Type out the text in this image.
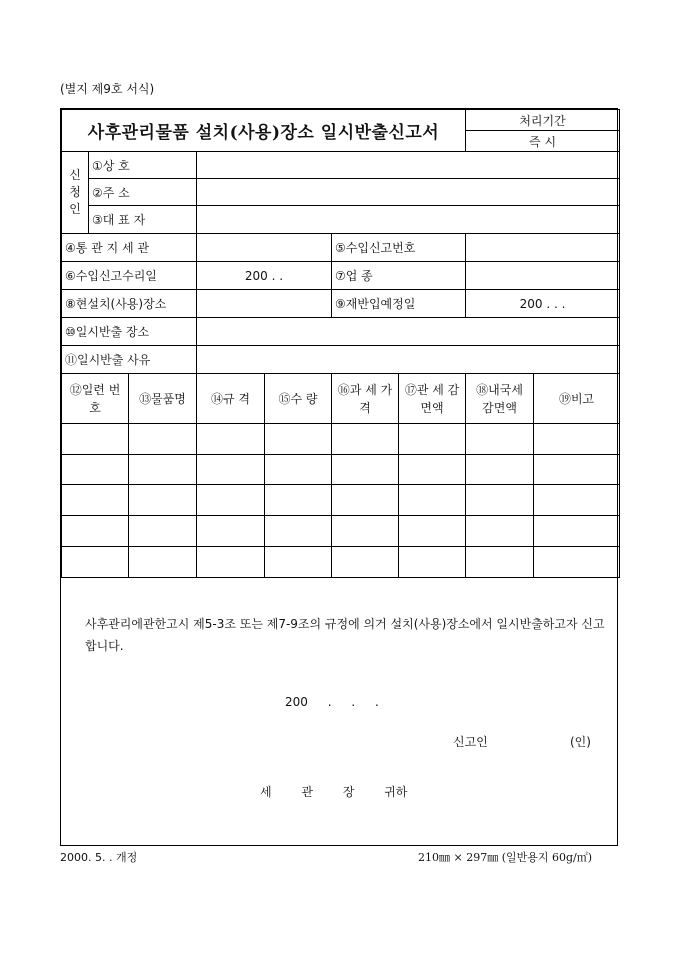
(별지 제9호 서식)
사후관리물품 설치(사용)장소 일시반출신고서							처리기간	
							즉 시	
신 청 인	①상 호							
	②주 소							
	③대 표 자							
④통 관 지 세 관					⑤수입신고번호			
⑥수입신고수리일			200 . .		⑦업 종			
⑧현설치(사용)장소					⑨재반입예정일		200 . . .	
⑩일시반출 장소								
⑪일시반출 사유								
⑫일련 번호		⑬물품명	⑭규 격	⑮수 량	⑯과 세 가 격	⑰관 세 감면액	⑱내국세 감면액	⑲비고

사후관리에관한고시 제5-3조 또는 제7-9조의 규정에 의거 설치(사용)장소에서 일시반출하고자 신고합니다.
200 . . .
신고인	(인)
세 관 장 귀하
2000. 5. . 개정	210㎜ × 297㎜ (일반용지 60g/㎡)
